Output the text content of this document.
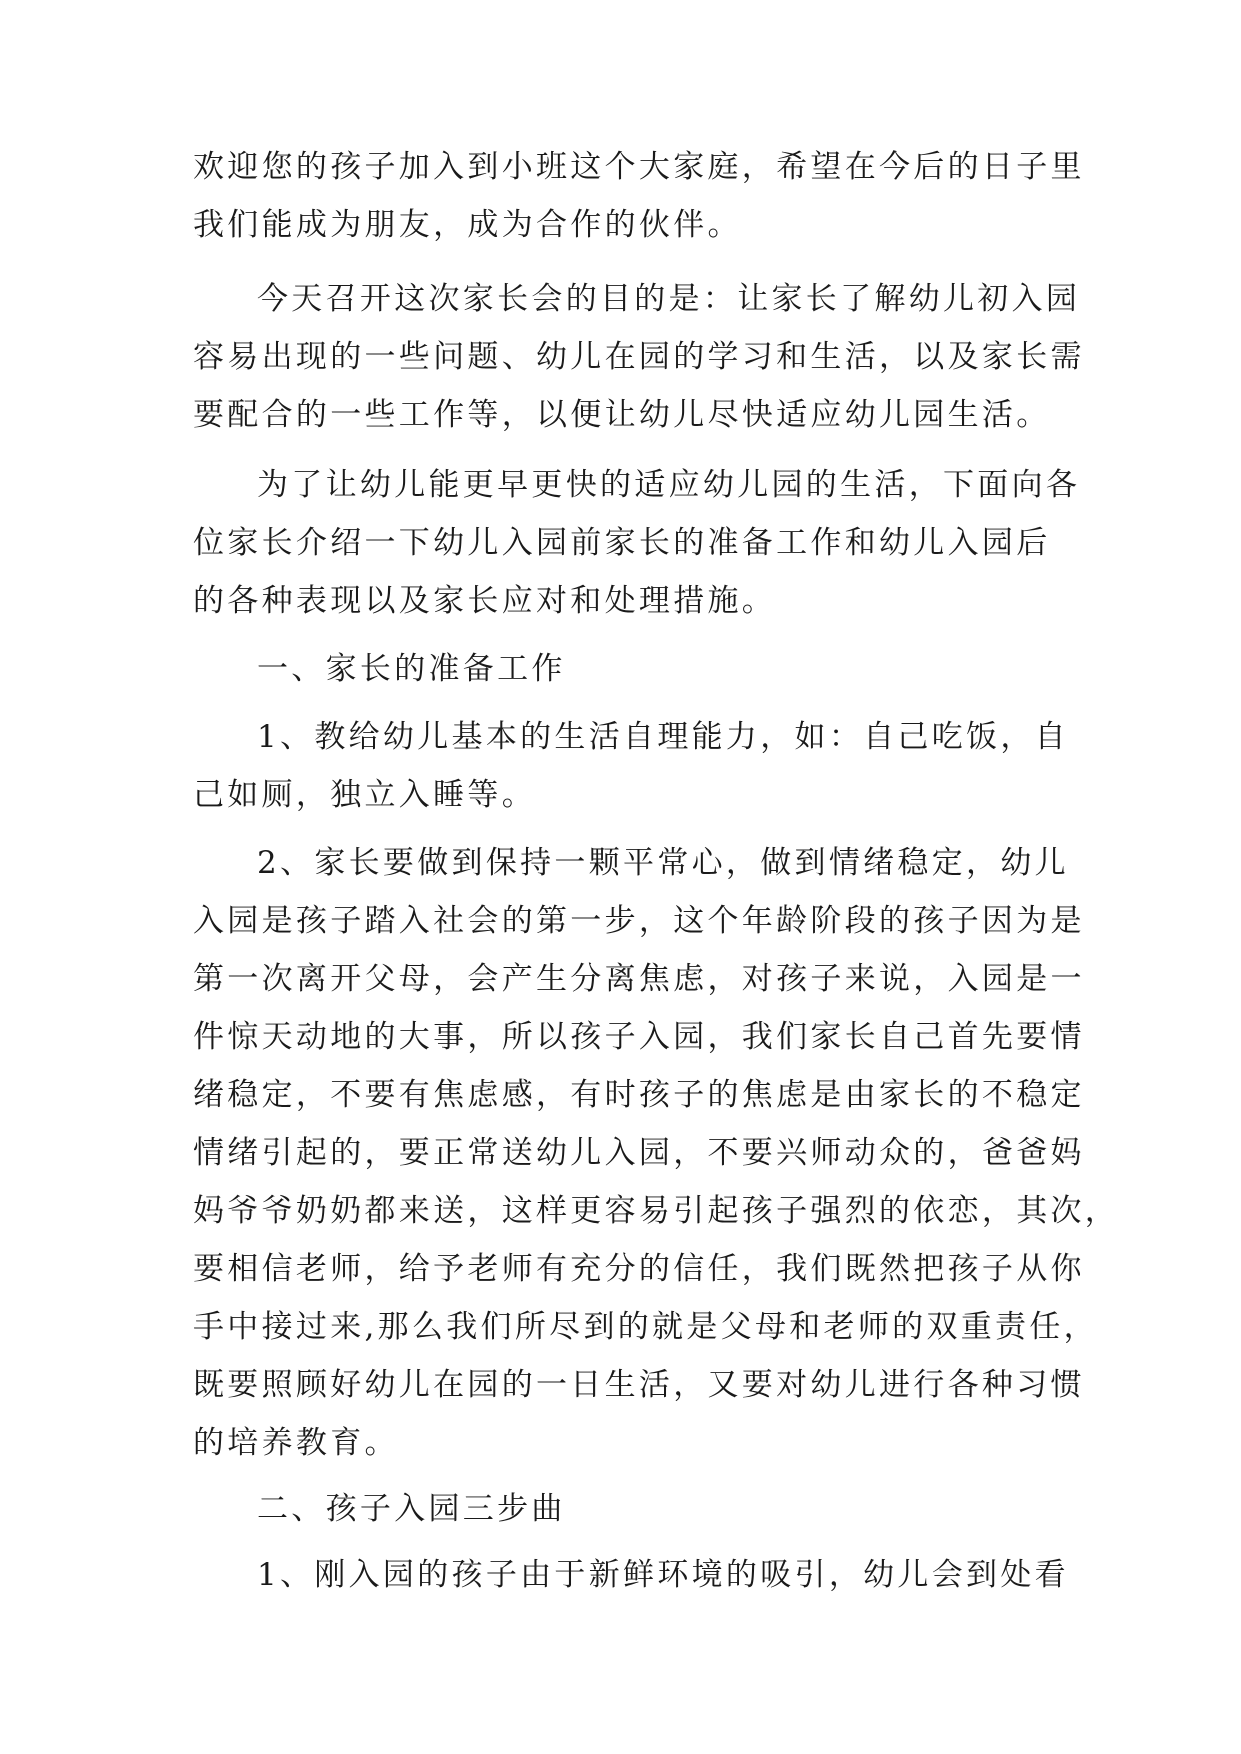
欢迎您的孩子加入到小班这个大家庭，希望在今后的日子里
我们能成为朋友，成为合作的伙伴。
今天召开这次家长会的目的是：让家长了解幼儿初入园
容易出现的一些问题、幼儿在园的学习和生活，以及家长需
要配合的一些工作等，以便让幼儿尽快适应幼儿园生活。
为了让幼儿能更早更快的适应幼儿园的生活，下面向各
位家长介绍一下幼儿入园前家长的准备工作和幼儿入园后
的各种表现以及家长应对和处理措施。
一、家长的准备工作
1、教给幼儿基本的生活自理能力，如：自己吃饭，自
己如厕，独立入睡等。
2、家长要做到保持一颗平常心，做到情绪稳定，幼儿
入园是孩子踏入社会的第一步，这个年龄阶段的孩子因为是
第一次离开父母，会产生分离焦虑，对孩子来说，入园是一
件惊天动地的大事，所以孩子入园，我们家长自己首先要情
绪稳定，不要有焦虑感，有时孩子的焦虑是由家长的不稳定
情绪引起的，要正常送幼儿入园，不要兴师动众的，爸爸妈
妈爷爷奶奶都来送，这样更容易引起孩子强烈的依恋，其次，
要相信老师，给予老师有充分的信任，我们既然把孩子从你
手中接过来,那么我们所尽到的就是父母和老师的双重责任，
既要照顾好幼儿在园的一日生活，又要对幼儿进行各种习惯
的培养教育。
二、孩子入园三步曲
1、刚入园的孩子由于新鲜环境的吸引，幼儿会到处看
